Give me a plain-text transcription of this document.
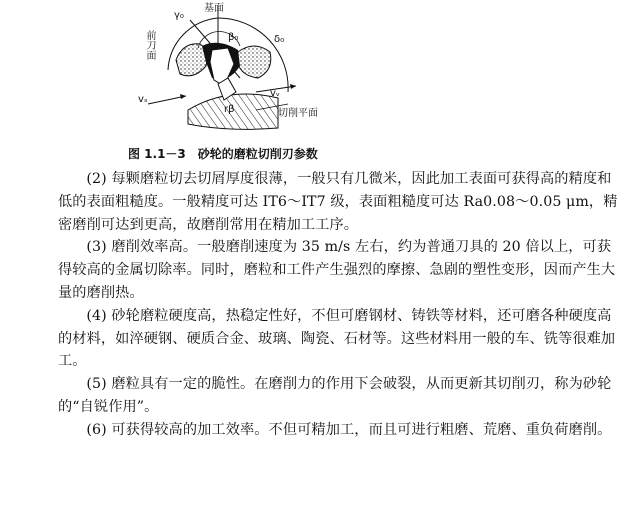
基面
γ₀
β₀	δ₀
前刀面
vₛ
vᵥ
切削平面
rβ
图 1.1－3 砂轮的磨粒切削刃参数

(2) 每颗磨粒切去切屑厚度很薄，一般只有几微米，因此加工表面可获得高的精度和低的表面粗糙度。一般精度可达 IT6～IT7 级，表面粗糙度可达 Ra0.08～0.05 μm，精密磨削可达到更高，故磨削常用在精加工工序。

(3) 磨削效率高。一般磨削速度为 35 m/s 左右，约为普通刀具的 20 倍以上，可获得较高的金属切除率。同时，磨粒和工件产生强烈的摩擦、急剧的塑性变形，因而产生大量的磨削热。

(4) 砂轮磨粒硬度高，热稳定性好，不但可磨钢材、铸铁等材料，还可磨各种硬度高的材料，如淬硬钢、硬质合金、玻璃、陶瓷、石材等。这些材料用一般的车、铣等很难加工。

(5) 磨粒具有一定的脆性。在磨削力的作用下会破裂，从而更新其切削刃，称为砂轮的“自锐作用”。

(6) 可获得较高的加工效率。不但可精加工，而且可进行粗磨、荒磨、重负荷磨削。
